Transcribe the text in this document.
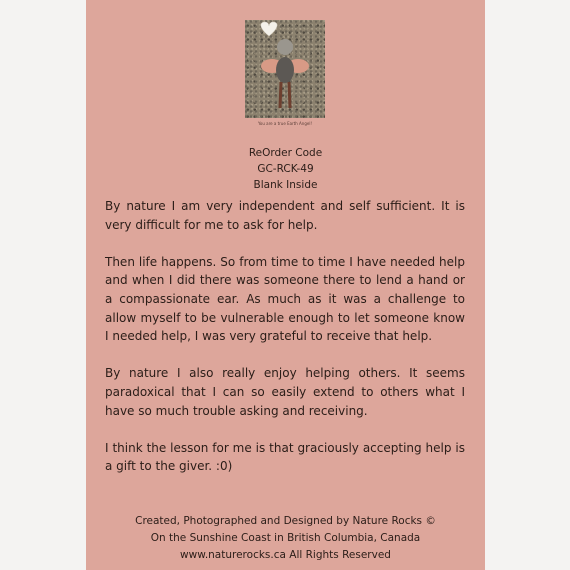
You are a true Earth Angel!
ReOrder Code
GC-RCK-49
Blank Inside

By nature I am very independent and self sufficient. It is very difficult for me to ask for help.

Then life happens. So from time to time I have needed help and when I did there was someone there to lend a hand or a compassionate ear. As much as it was a challenge to allow myself to be vulnerable enough to let someone know I needed help, I was very grateful to receive that help.

By nature I also really enjoy helping others. It seems paradoxical that I can so easily extend to others what I have so much trouble asking and receiving.

I think the lesson for me is that graciously accepting help is a gift to the giver. :0)

Created, Photographed and Designed by Nature Rocks ©
On the Sunshine Coast in British Columbia, Canada
www.naturerocks.ca All Rights Reserved
